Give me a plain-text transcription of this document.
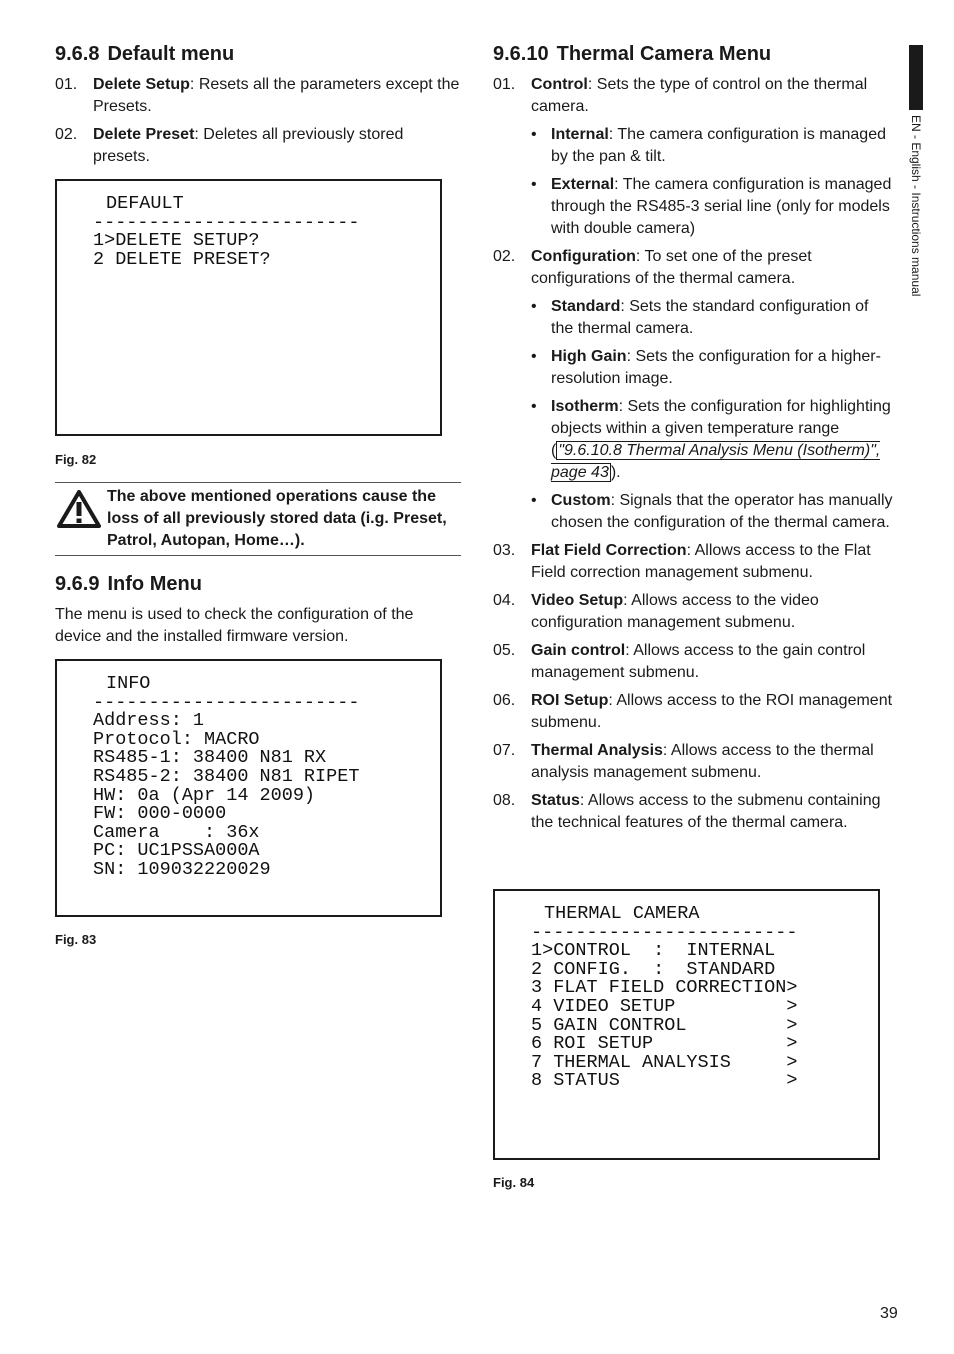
EN - English - Instructions manual
9.6.8 Default menu
01. Delete Setup: Resets all the parameters except the Presets.
02. Delete Preset: Deletes all previously stored presets.
DEFAULT
------------------------
1>DELETE SETUP?
2 DELETE PRESET?
Fig. 82
The above mentioned operations cause the loss of all previously stored data (i.g. Preset, Patrol, Autopan, Home…).
9.6.9 Info Menu

The menu is used to check the configuration of the device and the installed firmware version.

INFO
------------------------
Address: 1
Protocol: MACRO
RS485-1: 38400 N81 RX
RS485-2: 38400 N81 RIPET
HW: 0a (Apr 14 2009)
FW: 000-0000
Camera    : 36x
PC: UC1PSSA000A
SN: 109032220029
Fig. 83
9.6.10 Thermal Camera Menu
01. Control: Sets the type of control on the thermal camera.
• Internal: The camera configuration is managed by the pan & tilt.
• External: The camera configuration is managed through the RS485-3 serial line (only for models with double camera)
02. Configuration: To set one of the preset configurations of the thermal camera.
• Standard: Sets the standard configuration of the thermal camera.
• High Gain: Sets the configuration for a higher-resolution image.
• Isotherm: Sets the configuration for highlighting objects within a given temperature range ( "9.6.10.8 Thermal Analysis Menu (Isotherm)", page 43 ).
• Custom: Signals that the operator has manually chosen the configuration of the thermal camera.
03. Flat Field Correction: Allows access to the Flat Field correction management submenu.
04. Video Setup: Allows access to the video configuration management submenu.
05. Gain control: Allows access to the gain control management submenu.
06. ROI Setup: Allows access to the ROI management submenu.
07. Thermal Analysis: Allows access to the thermal analysis management submenu.
08. Status: Allows access to the submenu containing the technical features of the thermal camera.
THERMAL CAMERA
------------------------
1>CONTROL  :  INTERNAL
2 CONFIG.  :  STANDARD
3 FLAT FIELD CORRECTION>
4 VIDEO SETUP          >
5 GAIN CONTROL         >
6 ROI SETUP            >
7 THERMAL ANALYSIS     >
8 STATUS               >
Fig. 84
39
